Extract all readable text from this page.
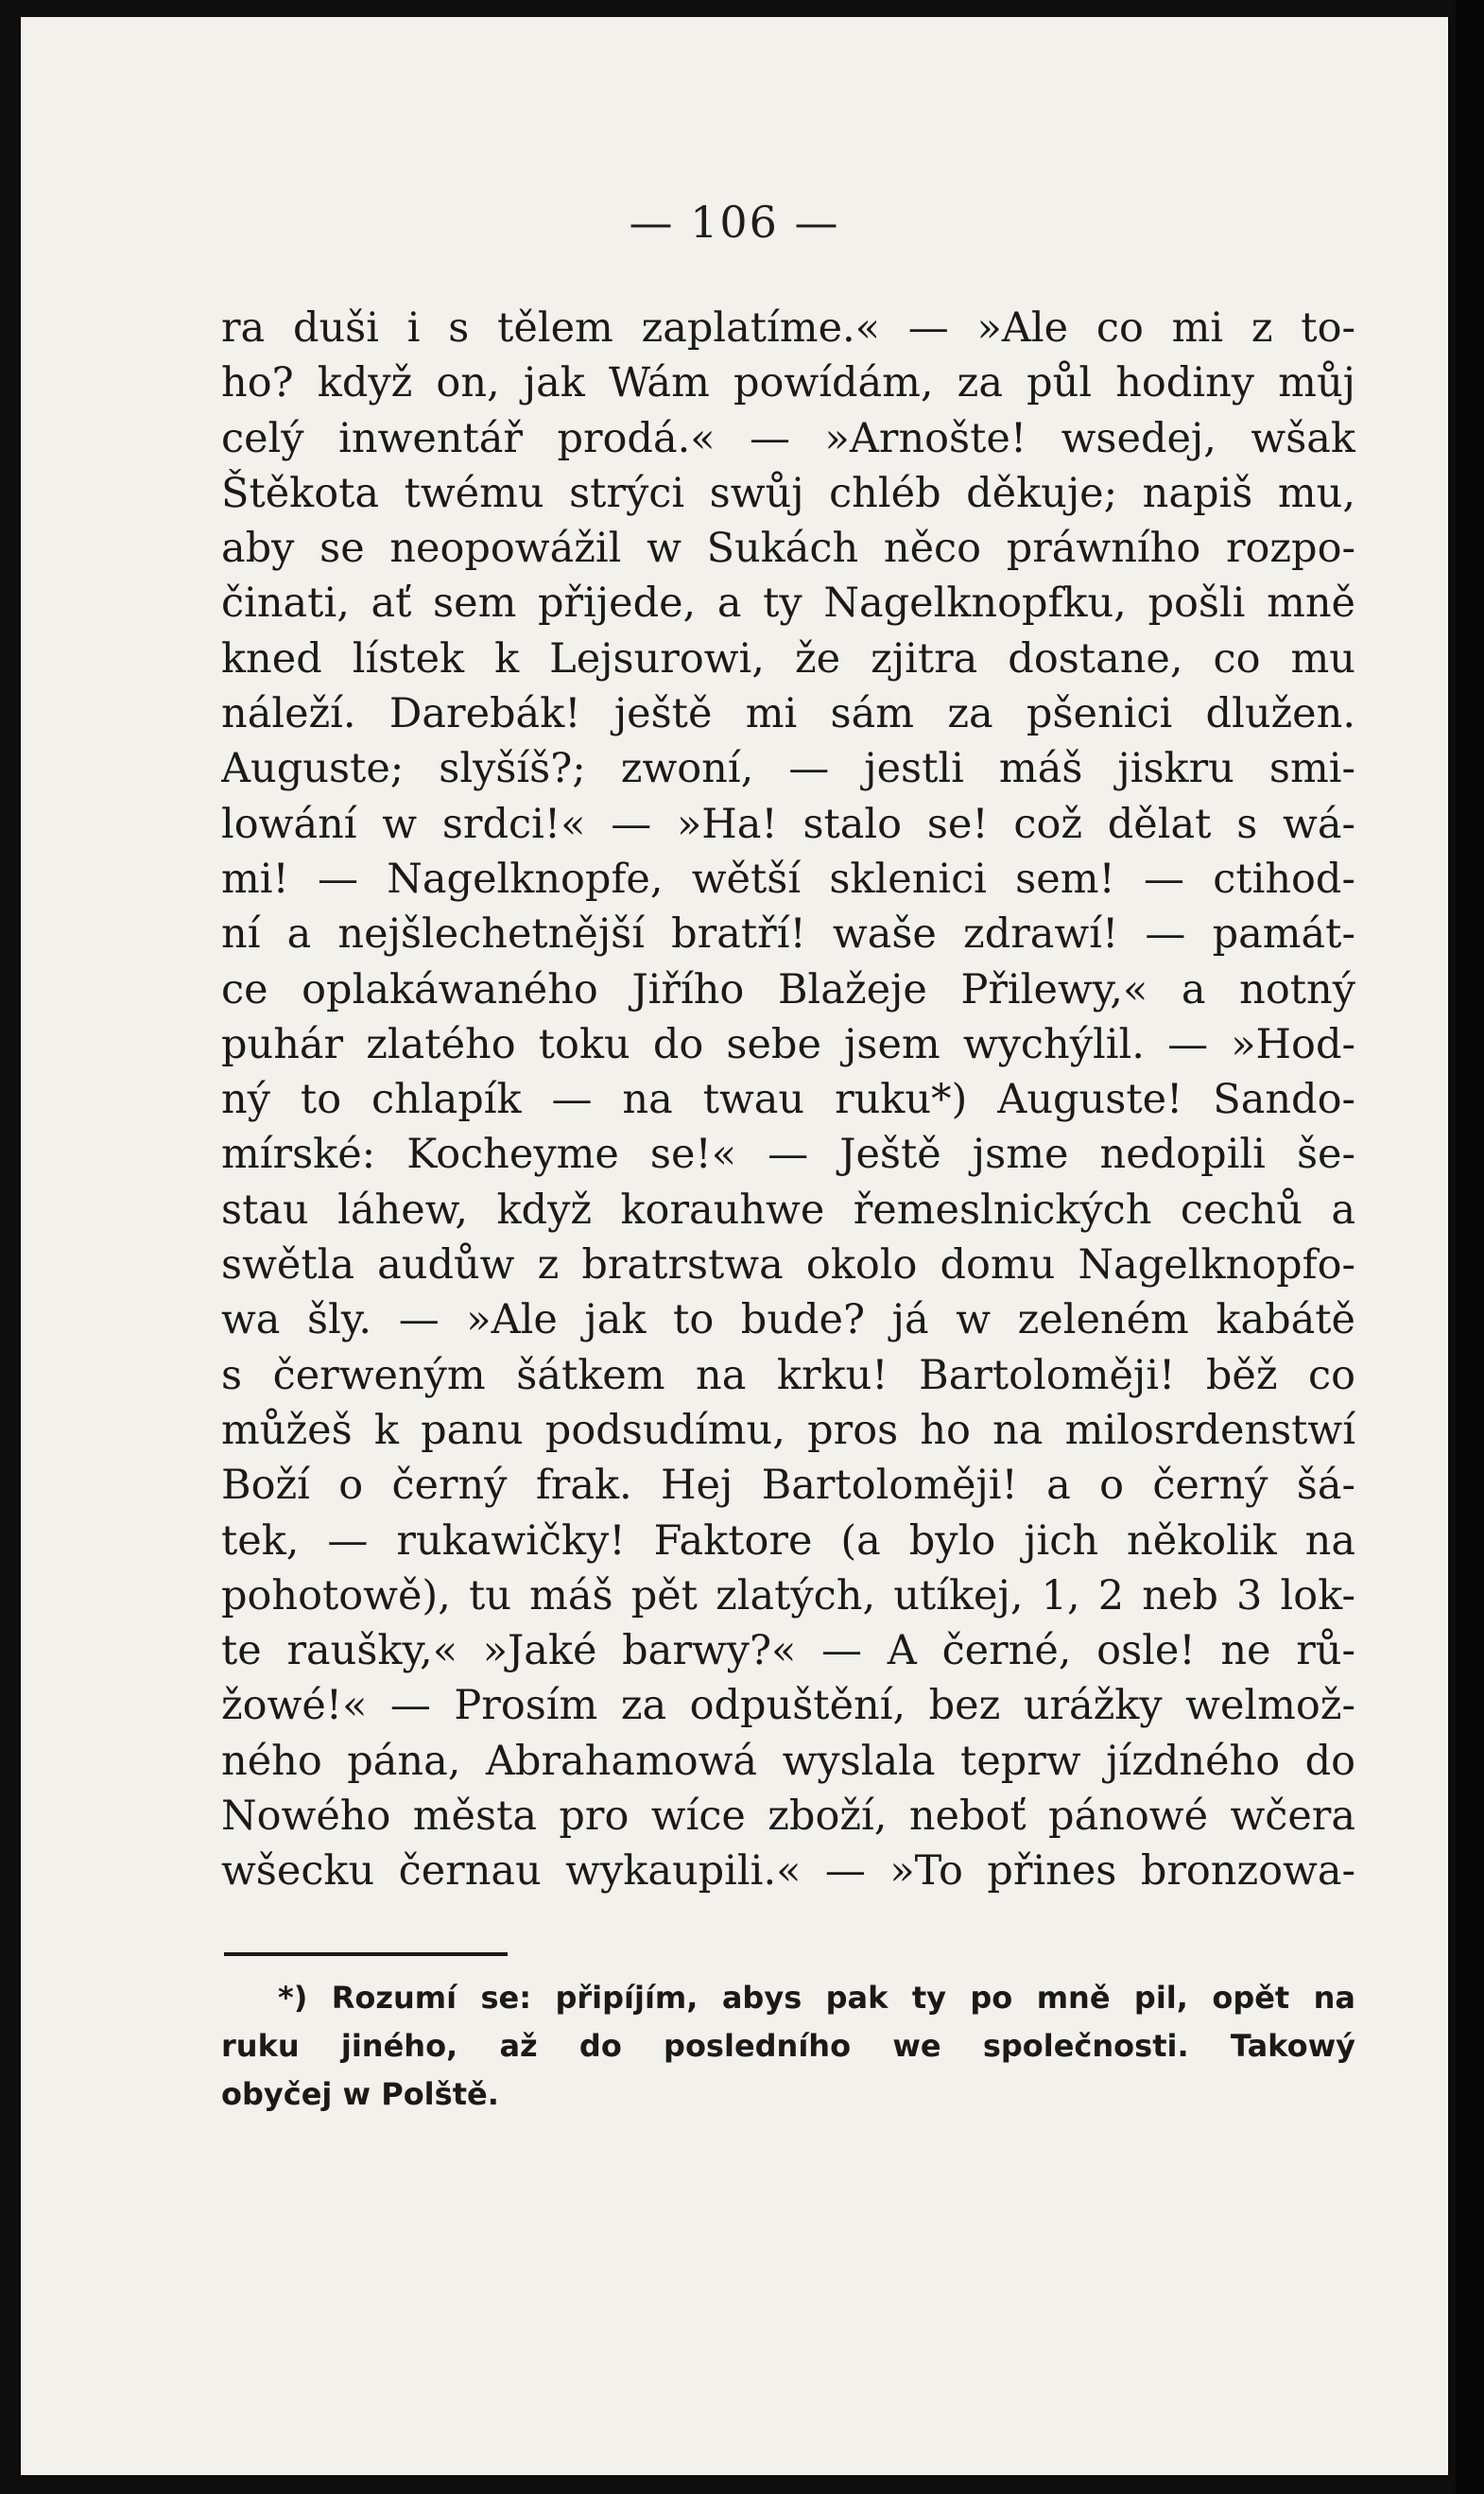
— 106 —
ra duši i s tělem zaplatíme.« — »Ale co mi z to-
ho? když on, jak Wám powídám, za půl hodiny můj
celý inwentář prodá.« — »Arnošte! wsedej, wšak
Štěkota twému strýci swůj chléb děkuje; napiš mu,
aby se neopowážil w Sukách něco práwního rozpo-
činati, ať sem přijede, a ty Nagelknopfku, pošli mně
kned lístek k Lejsurowi, že zjitra dostane, co mu
náleží. Darebák! ještě mi sám za pšenici dlužen.
Auguste; slyšíš?; zwoní, — jestli máš jiskru smi-
lowání w srdci!« — »Ha! stalo se! což dělat s wá-
mi! — Nagelknopfe, wětší sklenici sem! — ctihod-
ní a nejšlechetnější bratří! waše zdrawí! — památ-
ce oplakáwaného Jiřího Blažeje Přilewy,« a notný
puhár zlatého toku do sebe jsem wychýlil. — »Hod-
ný to chlapík — na twau ruku*) Auguste! Sando-
mírské: Kocheyme se!« — Ještě jsme nedopili še-
stau láhew, když korauhwe řemeslnických cechů a
swětla audůw z bratrstwa okolo domu Nagelknopfo-
wa šly. — »Ale jak to bude? já w zeleném kabátě
s čerweným šátkem na krku! Bartoloměji! běž co
můžeš k panu podsudímu, pros ho na milosrdenstwí
Boží o černý frak. Hej Bartoloměji! a o černý šá-
tek, — rukawičky! Faktore (a bylo jich několik na
pohotowě), tu máš pět zlatých, utíkej, 1, 2 neb 3 lok-
te raušky,« »Jaké barwy?« — A černé, osle! ne rů-
žowé!« — Prosím za odpuštění, bez urážky welmož-
ného pána, Abrahamowá wyslala teprw jízdného do
Nowého města pro wíce zboží, neboť pánowé wčera
wšecku černau wykaupili.« — »To přines bronzowa-
*) Rozumí se: připíjím, abys pak ty po mně pil, opět na
ruku jiného, až do posledního we společnosti. Takowý
obyčej w Polště.
